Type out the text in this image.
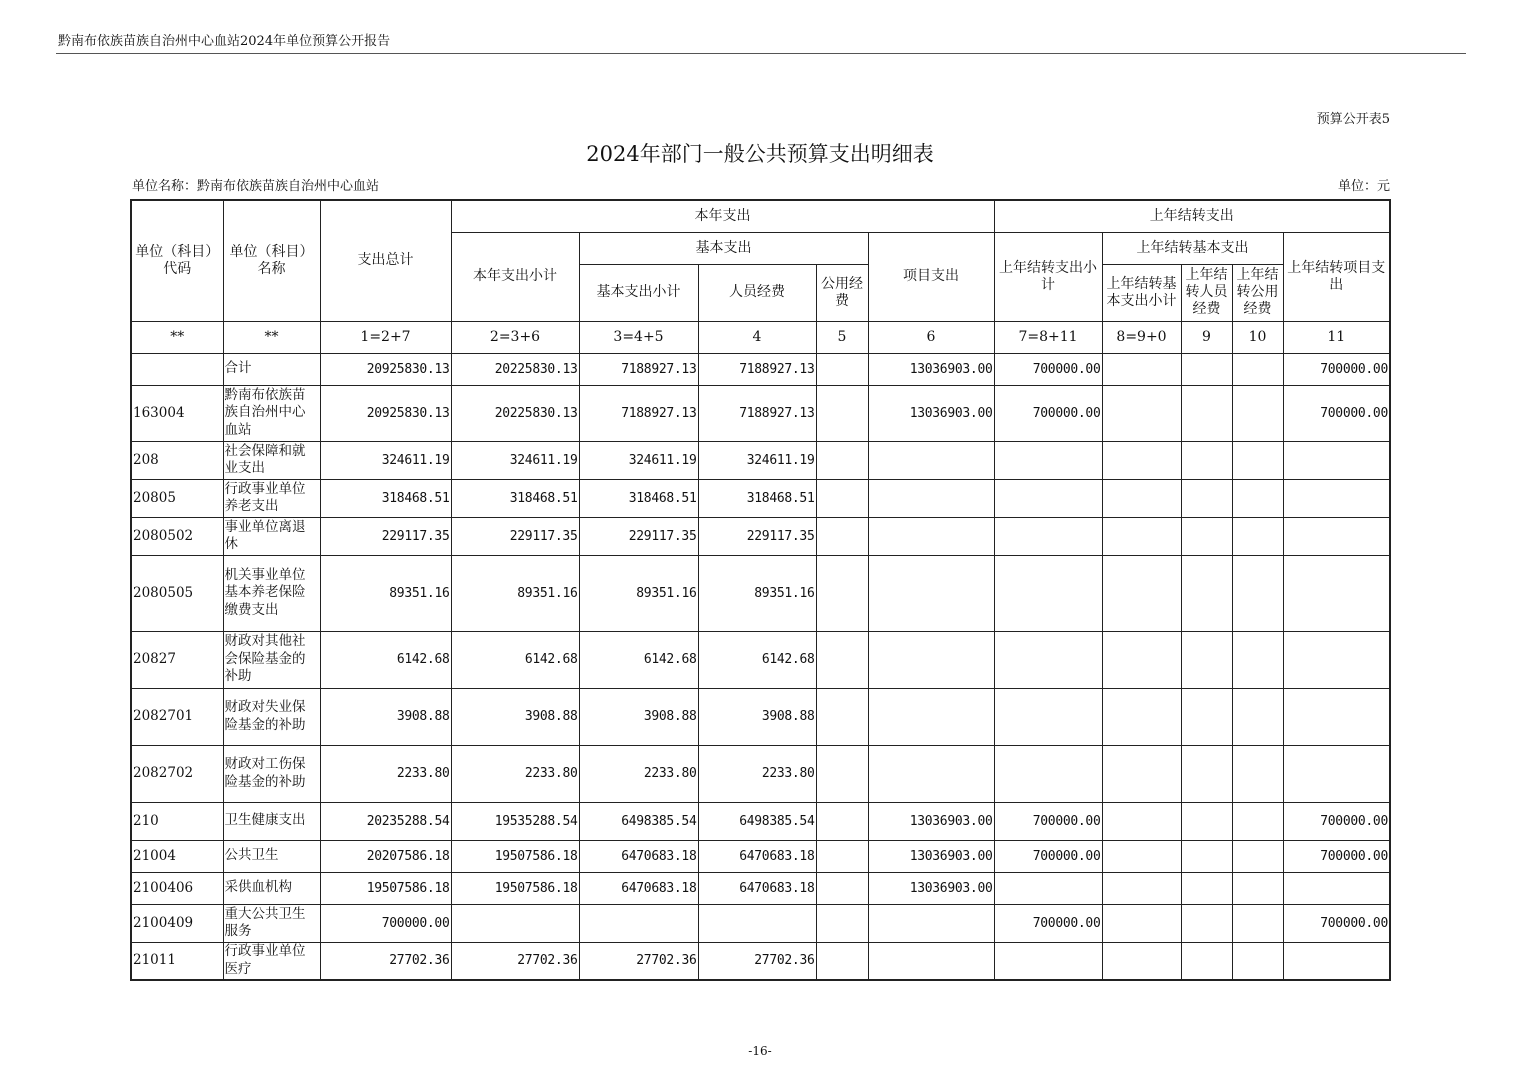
黔南布依族苗族自治州中心血站2024年单位预算公开报告
预算公开表5
2024年部门一般公共预算支出明细表
单位名称：黔南布依族苗族自治州中心血站	单位：元
单位（科目）代码	单位（科目）名称	支出总计	本年支出					上年结转支出				
			本年支出小计	基本支出			项目支出	上年结转支出小计	上年结转基本支出			上年结转项目支出
				基本支出小计	人员经费	公用经费			上年结转基本支出小计	上年结转人员经费	上年结转公用经费	
**	**	1=2+7	2=3+6	3=4+5	4	5	6	7=8+11	8=9+0	9	10	11
	合计	20925830.13	20225830.13	7188927.13	7188927.13		13036903.00	700000.00				700000.00
163004	黔南布依族苗族自治州中心血站	20925830.13	20225830.13	7188927.13	7188927.13		13036903.00	700000.00				700000.00
208	社会保障和就业支出	324611.19	324611.19	324611.19	324611.19							
20805	行政事业单位养老支出	318468.51	318468.51	318468.51	318468.51							
2080502	事业单位离退休	229117.35	229117.35	229117.35	229117.35							
2080505	机关事业单位基本养老保险缴费支出	89351.16	89351.16	89351.16	89351.16							
20827	财政对其他社会保险基金的补助	6142.68	6142.68	6142.68	6142.68							
2082701	财政对失业保险基金的补助	3908.88	3908.88	3908.88	3908.88							
2082702	财政对工伤保险基金的补助	2233.80	2233.80	2233.80	2233.80							
210	卫生健康支出	20235288.54	19535288.54	6498385.54	6498385.54		13036903.00	700000.00				700000.00
21004	公共卫生	20207586.18	19507586.18	6470683.18	6470683.18		13036903.00	700000.00				700000.00
2100406	采供血机构	19507586.18	19507586.18	6470683.18	6470683.18		13036903.00					
2100409	重大公共卫生服务	700000.00						700000.00				700000.00
21011	行政事业单位医疗	27702.36	27702.36	27702.36	27702.36							
-16-
